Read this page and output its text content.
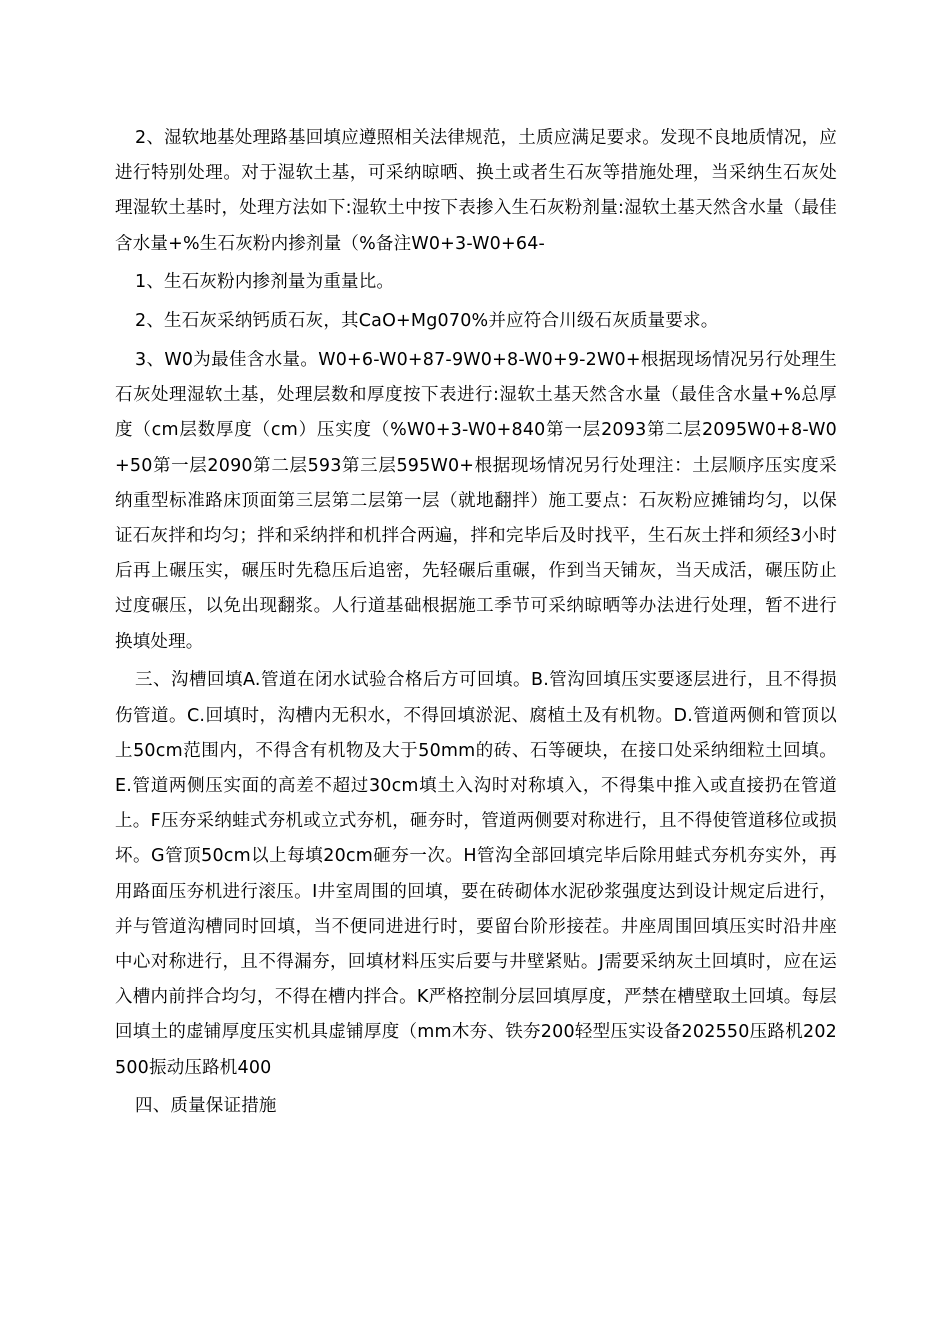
2、湿软地基处理路基回填应遵照相关法律规范，土质应满足要求。发现不良地质情况，应进行特别处理。对于湿软土基，可采纳晾晒、换土或者生石灰等措施处理，当采纳生石灰处理湿软土基时，处理方法如下:湿软土中按下表掺入生石灰粉剂量:湿软土基天然含水量（最佳含水量+%生石灰粉内掺剂量（%备注W0+3-W0+64-

1、生石灰粉内掺剂量为重量比。

2、生石灰采纳钙质石灰，其CaO+Mg070%并应符合川级石灰质量要求。

3、W0为最佳含水量。W0+6-W0+87-9W0+8-W0+9-2W0+根据现场情况另行处理生石灰处理湿软土基，处理层数和厚度按下表进行:湿软土基天然含水量（最佳含水量+%总厚度（cm层数厚度（cm）压实度（%W0+3-W0+840第一层2093第二层2095W0+8-W0+50第一层2090第二层593第三层595W0+根据现场情况另行处理注：土层顺序压实度采纳重型标准路床顶面第三层第二层第一层（就地翻拌）施工要点：石灰粉应摊铺均匀，以保证石灰拌和均匀；拌和采纳拌和机拌合两遍，拌和完毕后及时找平，生石灰土拌和须经3小时后再上碾压实，碾压时先稳压后追密，先轻碾后重碾，作到当天铺灰，当天成活，碾压防止过度碾压，以免出现翻浆。人行道基础根据施工季节可采纳晾晒等办法进行处理，暂不进行换填处理。

三、沟槽回填A.管道在闭水试验合格后方可回填。B.管沟回填压实要逐层进行，且不得损伤管道。C.回填时，沟槽内无积水，不得回填淤泥、腐植土及有机物。D.管道两侧和管顶以上50cm范围内，不得含有机物及大于50mm的砖、石等硬块，在接口处采纳细粒土回填。E.管道两侧压实面的高差不超过30cm填土入沟时对称填入，不得集中推入或直接扔在管道上。F压夯采纳蛙式夯机或立式夯机，砸夯时，管道两侧要对称进行，且不得使管道移位或损坏。G管顶50cm以上每填20cm砸夯一次。H管沟全部回填完毕后除用蛙式夯机夯实外，再用路面压夯机进行滚压。I井室周围的回填，要在砖砌体水泥砂浆强度达到设计规定后进行，并与管道沟槽同时回填，当不便同进进行时，要留台阶形接茬。井座周围回填压实时沿井座中心对称进行，且不得漏夯，回填材料压实后要与井壁紧贴。J需要采纳灰土回填时，应在运入槽内前拌合均匀，不得在槽内拌合。K严格控制分层回填厚度，严禁在槽壁取土回填。每层回填土的虚铺厚度压实机具虚铺厚度（mm木夯、铁夯200轻型压实设备202550压路机202500振动压路机400

四、质量保证措施
